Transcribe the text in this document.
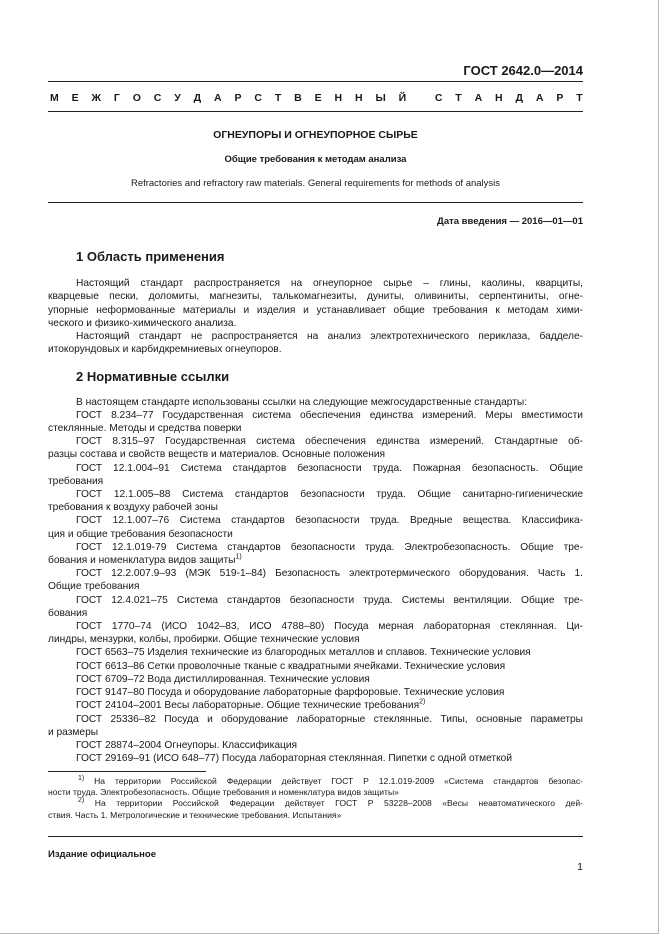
ГОСТ 2642.0—2014
М Е Ж Г О С У Д А Р С Т В Е Н Н Ы Й
	С Т А Н Д А Р Т
ОГНЕУПОРЫ И ОГНЕУПОРНОЕ СЫРЬЕ
Общие требования к методам анализа
Refractories and refractory raw materials. General requirements for methods of analysis
Дата введения — 2016—01—01
1 Область применения
Настоящий стандарт распространяется на огнеупорное сырье – глины, каолины, кварциты,
кварцевые пески, доломиты, магнезиты, талькомагнезиты, дуниты, оливиниты, серпентиниты, огне-
упорные неформованные материалы и изделия и устанавливает общие требования к методам хими-
ческого и физико-химического анализа.
Настоящий стандарт не распространяется на анализ электротехнического периклаза, бадделе-
итокорундовых и карбидкремниевых огнеупоров.
2 Нормативные ссылки
В настоящем стандарте использованы ссылки на следующие межгосударственные стандарты:
ГОСТ 8.234–77 Государственная система обеспечения единства измерений. Меры вместимости
стеклянные. Методы и средства поверки
ГОСТ 8.315–97 Государственная система обеспечения единства измерений. Стандартные об-
разцы состава и свойств веществ и материалов. Основные положения
ГОСТ 12.1.004–91 Система стандартов безопасности труда. Пожарная безопасность. Общие
требования
ГОСТ 12.1.005–88 Система стандартов безопасности труда. Общие санитарно-гигиенические
требования к воздуху рабочей зоны
ГОСТ 12.1.007–76 Система стандартов безопасности труда. Вредные вещества. Классифика-
ция и общие требования безопасности
ГОСТ 12.1.019-79 Система стандартов безопасности труда. Электробезопасность. Общие тре-
бования и номенклатура видов защиты$^{1)}$
ГОСТ 12.2.007.9–93 (МЭК 519-1–84) Безопасность электротермического оборудования. Часть 1.
Общие требования
ГОСТ 12.4.021–75 Система стандартов безопасности труда. Системы вентиляции. Общие тре-
бования
ГОСТ 1770–74 (ИСО 1042–83, ИСО 4788–80) Посуда мерная лабораторная стеклянная. Ци-
линдры, мензурки, колбы, пробирки. Общие технические условия
ГОСТ 6563–75 Изделия технические из благородных металлов и сплавов. Технические условия
ГОСТ 6613–86 Сетки проволочные тканые с квадратными ячейками. Технические условия
ГОСТ 6709–72 Вода дистиллированная. Технические условия
ГОСТ 9147–80 Посуда и оборудование лабораторные фарфоровые. Технические условия
ГОСТ 24104–2001 Весы лабораторные. Общие технические требования$^{2)}$
ГОСТ 25336–82 Посуда и оборудование лабораторные стеклянные. Типы, основные параметры
и размеры
ГОСТ 28874–2004 Огнеупоры. Классификация
ГОСТ 29169–91 (ИСО 648–77) Посуда лабораторная стеклянная. Пипетки с одной отметкой
$^{1)}$ На территории Российской Федерации действует ГОСТ Р 12.1.019-2009 «Система стандартов безопас-
ности труда. Электробезопасность. Общие требования и номенклатура видов защиты»
$^{2)}$ На территории Российской Федерации действует ГОСТ Р 53228–2008 «Весы неавтоматического дей-
ствия. Часть 1. Метрологические и технические требования. Испытания»
Издание официальное
1
